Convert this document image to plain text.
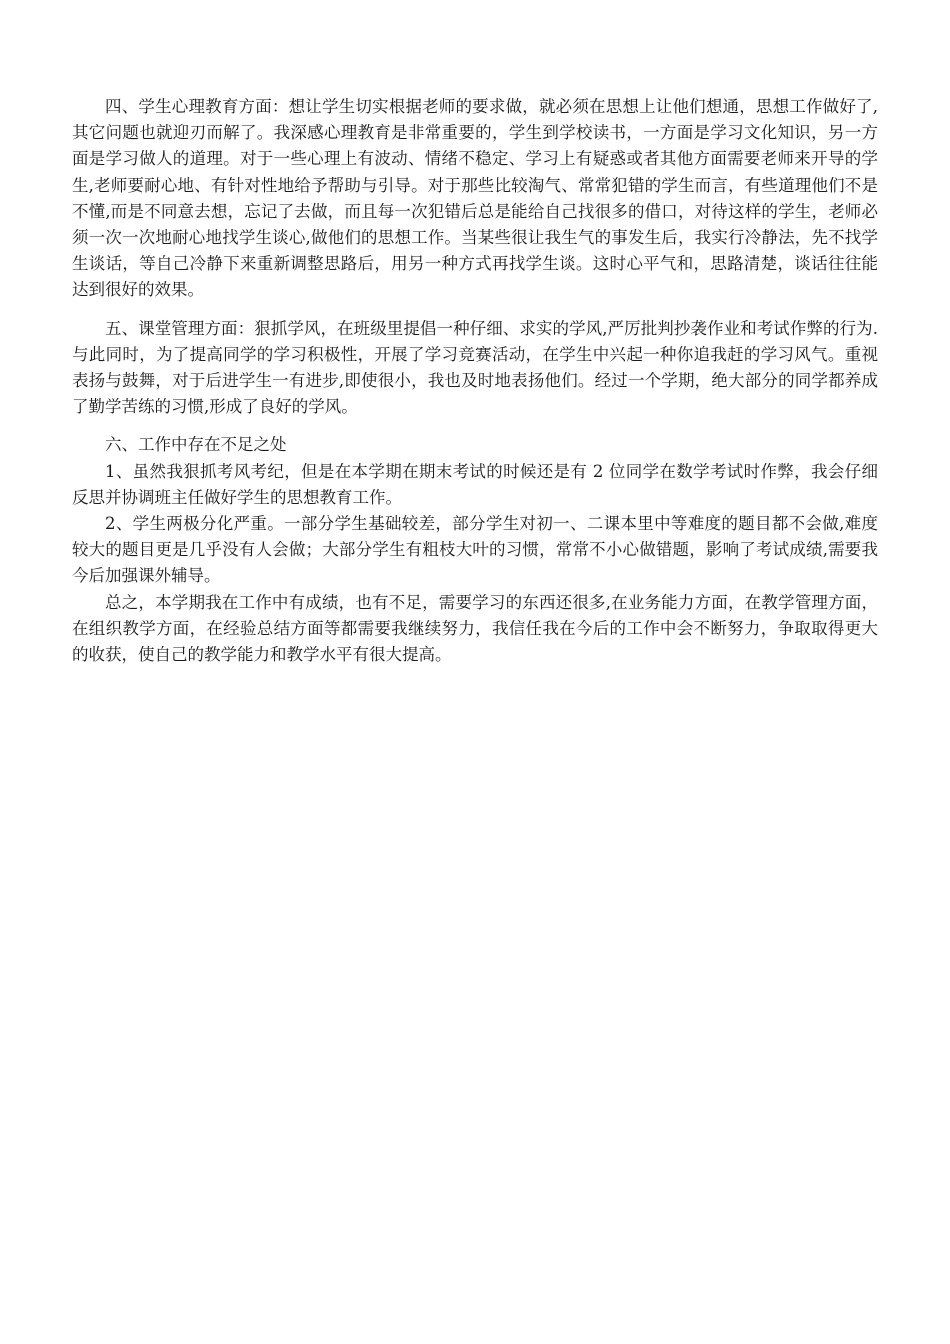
四、学生心理教育方面：想让学生切实根据老师的要求做，就必须在思想上让他们想通，思想工作做好了,其它问题也就迎刃而解了。我深感心理教育是非常重要的，学生到学校读书，一方面是学习文化知识，另一方面是学习做人的道理。对于一些心理上有波动、情绪不稳定、学习上有疑惑或者其他方面需要老师来开导的学生,老师要耐心地、有针对性地给予帮助与引导。对于那些比较淘气、常常犯错的学生而言，有些道理他们不是不懂,而是不同意去想，忘记了去做，而且每一次犯错后总是能给自己找很多的借口，对待这样的学生，老师必须一次一次地耐心地找学生谈心,做他们的思想工作。当某些很让我生气的事发生后，我实行冷静法，先不找学生谈话，等自己冷静下来重新调整思路后，用另一种方式再找学生谈。这时心平气和，思路清楚，谈话往往能达到很好的效果。

五、课堂管理方面：狠抓学风，在班级里提倡一种仔细、求实的学风,严厉批判抄袭作业和考试作弊的行为.与此同时，为了提高同学的学习积极性，开展了学习竞赛活动，在学生中兴起一种你追我赶的学习风气。重视表扬与鼓舞，对于后进学生一有进步,即使很小，我也及时地表扬他们。经过一个学期，绝大部分的同学都养成了勤学苦练的习惯,形成了良好的学风。

六、工作中存在不足之处

1、虽然我狠抓考风考纪，但是在本学期在期末考试的时候还是有 2 位同学在数学考试时作弊，我会仔细反思并协调班主任做好学生的思想教育工作。

2、学生两极分化严重。一部分学生基础较差，部分学生对初一、二课本里中等难度的题目都不会做,难度较大的题目更是几乎没有人会做；大部分学生有粗枝大叶的习惯，常常不小心做错题，影响了考试成绩,需要我今后加强课外辅导。

总之，本学期我在工作中有成绩，也有不足，需要学习的东西还很多,在业务能力方面，在教学管理方面，在组织教学方面，在经验总结方面等都需要我继续努力，我信任我在今后的工作中会不断努力，争取取得更大的收获，使自己的教学能力和教学水平有很大提高。
